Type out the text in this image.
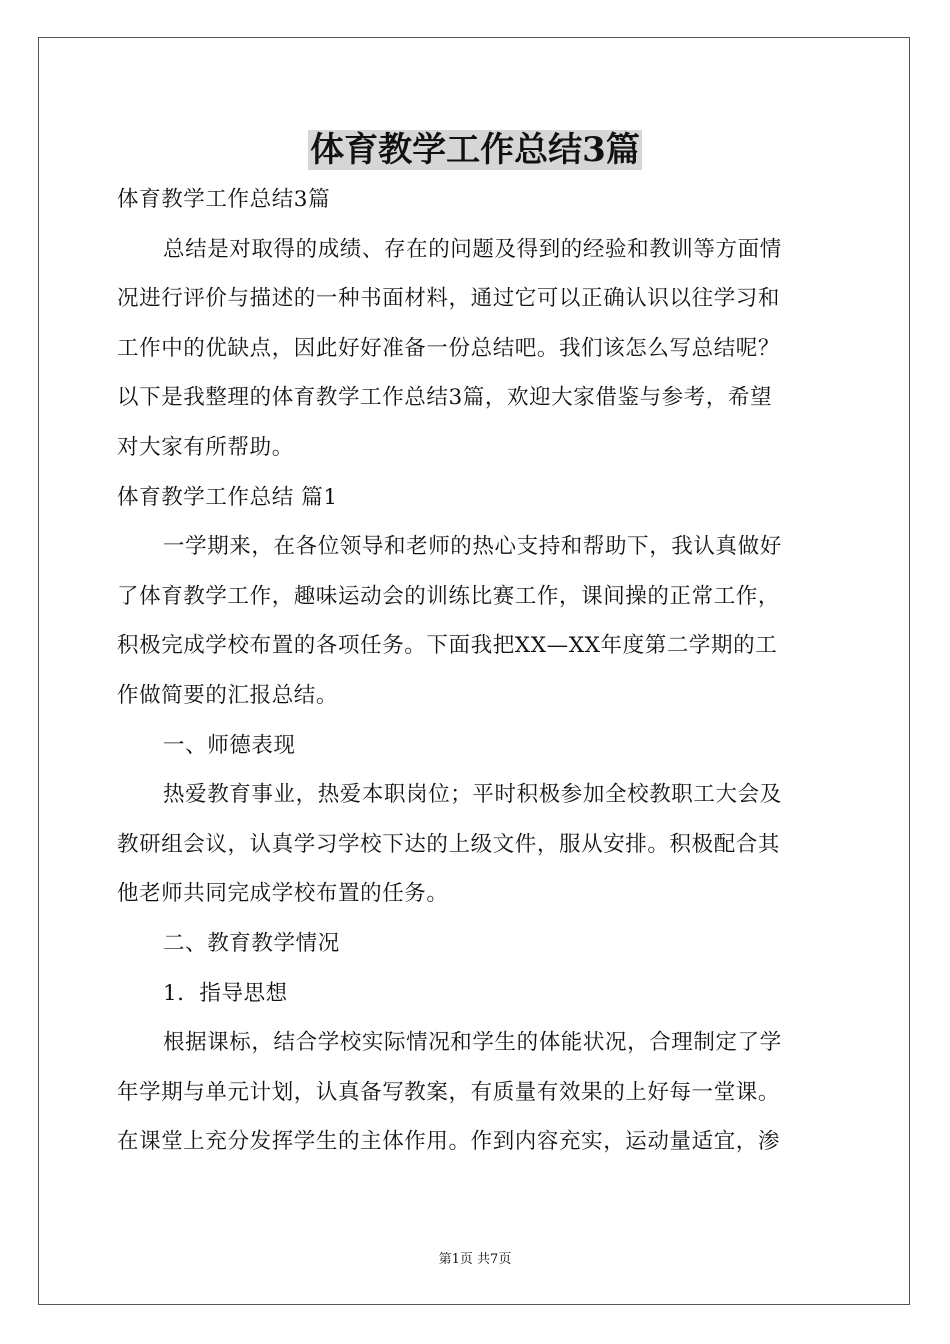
体育教学工作总结3篇
体育教学工作总结3篇
总结是对取得的成绩、存在的问题及得到的经验和教训等方面情
况进行评价与描述的一种书面材料，通过它可以正确认识以往学习和
工作中的优缺点，因此好好准备一份总结吧。我们该怎么写总结呢？
以下是我整理的体育教学工作总结3篇，欢迎大家借鉴与参考，希望
对大家有所帮助。
体育教学工作总结 篇1
一学期来，在各位领导和老师的热心支持和帮助下，我认真做好
了体育教学工作，趣味运动会的训练比赛工作，课间操的正常工作，
积极完成学校布置的各项任务。下面我把XX—XX年度第二学期的工
作做简要的汇报总结。
一、师德表现
热爱教育事业，热爱本职岗位；平时积极参加全校教职工大会及
教研组会议，认真学习学校下达的上级文件，服从安排。积极配合其
他老师共同完成学校布置的任务。
二、教育教学情况
1．指导思想
根据课标，结合学校实际情况和学生的体能状况，合理制定了学
年学期与单元计划，认真备写教案，有质量有效果的上好每一堂课。
在课堂上充分发挥学生的主体作用。作到内容充实，运动量适宜，渗
第1页 共7页
